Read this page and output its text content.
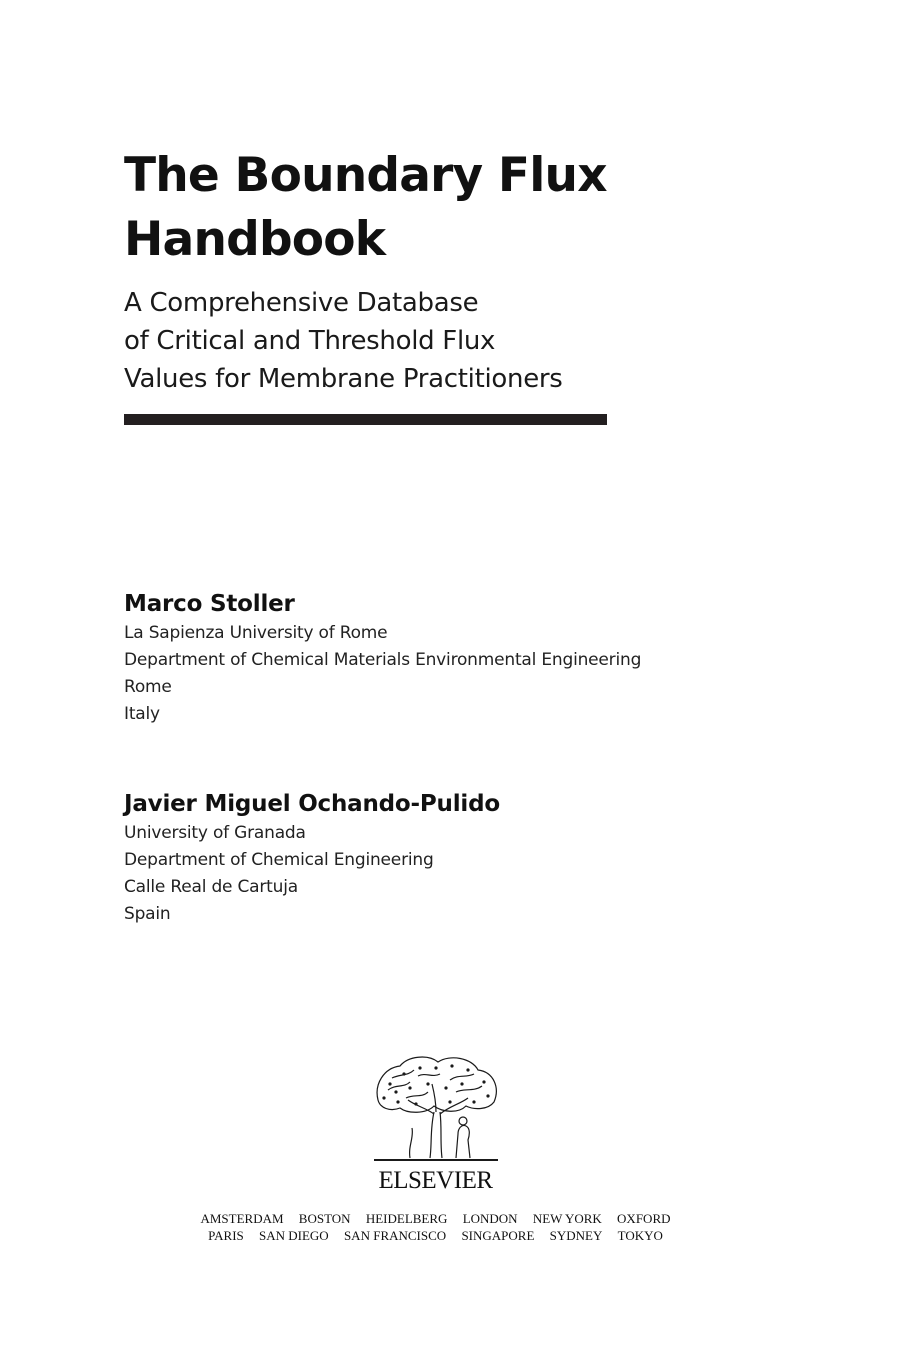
The Boundary Flux
Handbook
A Comprehensive Database
of Critical and Threshold Flux
Values for Membrane Practitioners
Marco Stoller
La Sapienza University of Rome
Department of Chemical Materials Environmental Engineering
Rome
Italy
Javier Miguel Ochando-Pulido
University of Granada
Department of Chemical Engineering
Calle Real de Cartuja
Spain
ELSEVIER
AMSTERDAM BOSTON HEIDELBERG LONDON NEW YORK OXFORD
PARIS SAN DIEGO SAN FRANCISCO SINGAPORE SYDNEY TOKYO
